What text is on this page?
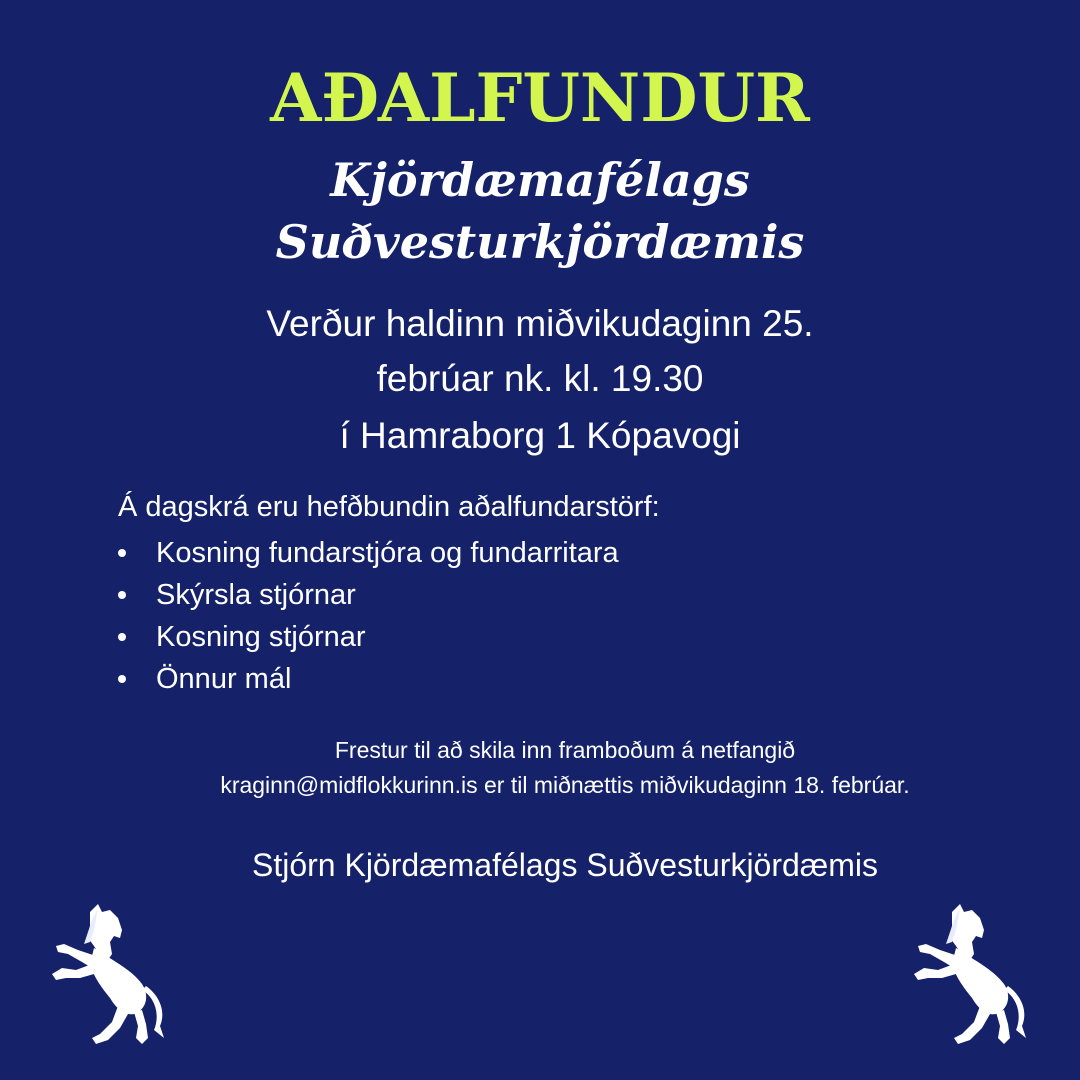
AÐALFUNDUR
Kjördæmafélags
Suðvesturkjördæmis
Verður haldinn miðvikudaginn 25.
febrúar nk. kl. 19.30
í Hamraborg 1 Kópavogi
Á dagskrá eru hefðbundin aðalfundarstörf:
Kosning fundarstjóra og fundarritara
Skýrsla stjórnar
Kosning stjórnar
Önnur mál
Frestur til að skila inn framboðum á netfangið
kraginn@midflokkurinn.is er til miðnættis miðvikudaginn 18. febrúar.
Stjórn Kjördæmafélags Suðvesturkjördæmis
